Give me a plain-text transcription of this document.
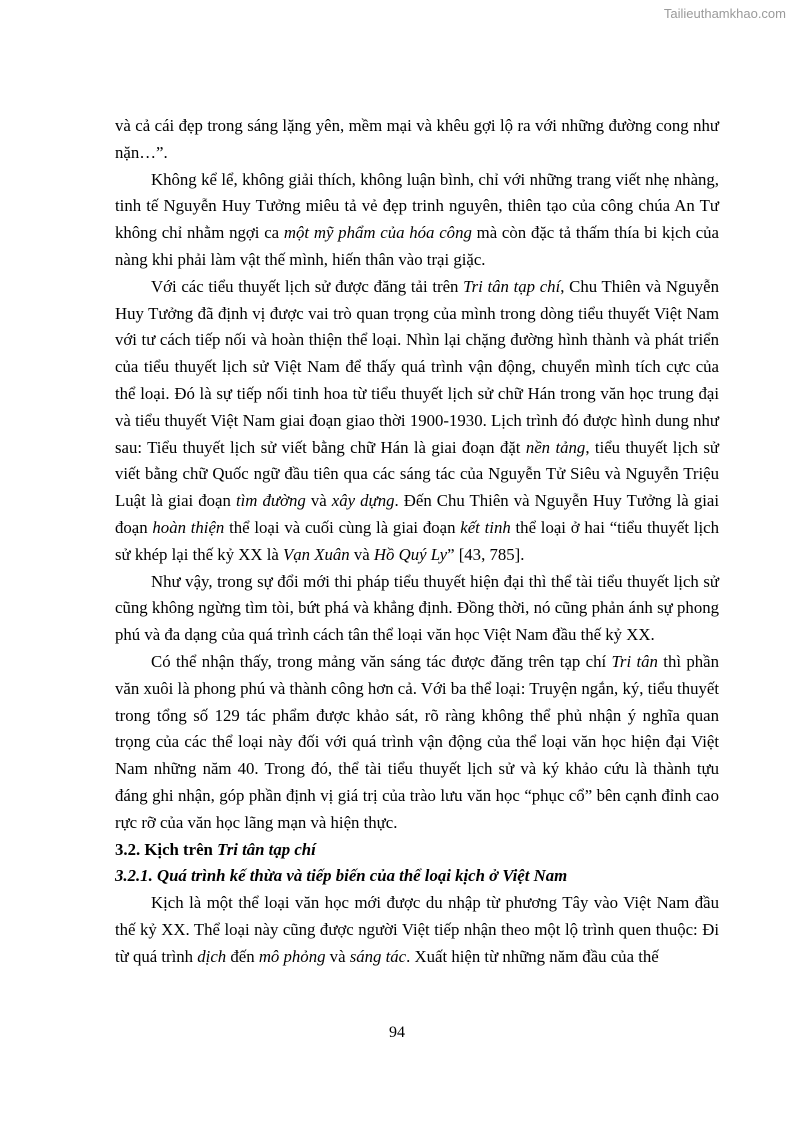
Tailieuthamkhao.com

và cả cái đẹp trong sáng lặng yên, mềm mại và khêu gợi lộ ra với những đường cong như nặn…”.

Không kể lể, không giải thích, không luận bình, chỉ với những trang viết nhẹ nhàng, tinh tế Nguyễn Huy Tưởng miêu tả vẻ đẹp trinh nguyên, thiên tạo của công chúa An Tư không chỉ nhằm ngợi ca một mỹ phẩm của hóa công mà còn đặc tả thấm thía bi kịch của nàng khi phải làm vật thế mình, hiến thân vào trại giặc.

Với các tiểu thuyết lịch sử được đăng tải trên Tri tân tạp chí, Chu Thiên và Nguyễn Huy Tưởng đã định vị được vai trò quan trọng của mình trong dòng tiểu thuyết Việt Nam với tư cách tiếp nối và hoàn thiện thể loại. Nhìn lại chặng đường hình thành và phát triển của tiểu thuyết lịch sử Việt Nam để thấy quá trình vận động, chuyển mình tích cực của thể loại. Đó là sự tiếp nối tinh hoa từ tiểu thuyết lịch sử chữ Hán trong văn học trung đại và tiểu thuyết Việt Nam giai đoạn giao thời 1900-1930. Lịch trình đó được hình dung như sau: Tiểu thuyết lịch sử viết bằng chữ Hán là giai đoạn đặt nền tảng, tiểu thuyết lịch sử viết bằng chữ Quốc ngữ đầu tiên qua các sáng tác của Nguyễn Tử Siêu và Nguyễn Triệu Luật là giai đoạn tìm đường và xây dựng. Đến Chu Thiên và Nguyễn Huy Tưởng là giai đoạn hoàn thiện thể loại và cuối cùng là giai đoạn kết tinh thể loại ở hai “tiểu thuyết lịch sử khép lại thế kỷ XX là Vạn Xuân và Hồ Quý Ly” [43, 785].

Như vậy, trong sự đổi mới thi pháp tiểu thuyết hiện đại thì thể tài tiểu thuyết lịch sử cũng không ngừng tìm tòi, bứt phá và khẳng định. Đồng thời, nó cũng phản ánh sự phong phú và đa dạng của quá trình cách tân thể loại văn học Việt Nam đầu thế kỷ XX.

Có thể nhận thấy, trong mảng văn sáng tác được đăng trên tạp chí Tri tân thì phần văn xuôi là phong phú và thành công hơn cả. Với ba thể loại: Truyện ngắn, ký, tiểu thuyết trong tổng số 129 tác phẩm được khảo sát, rõ ràng không thể phủ nhận ý nghĩa quan trọng của các thể loại này đối với quá trình vận động của thể loại văn học hiện đại Việt Nam những năm 40. Trong đó, thể tài tiểu thuyết lịch sử và ký khảo cứu là thành tựu đáng ghi nhận, góp phần định vị giá trị của trào lưu văn học “phục cổ” bên cạnh đỉnh cao rực rỡ của văn học lãng mạn và hiện thực.

3.2. Kịch trên Tri tân tạp chí
3.2.1. Quá trình kế thừa và tiếp biến của thể loại kịch ở Việt Nam

Kịch là một thể loại văn học mới được du nhập từ phương Tây vào Việt Nam đầu thế kỷ XX. Thể loại này cũng được người Việt tiếp nhận theo một lộ trình quen thuộc: Đi từ quá trình dịch đến mô phỏng và sáng tác. Xuất hiện từ những năm đầu của thế

94
